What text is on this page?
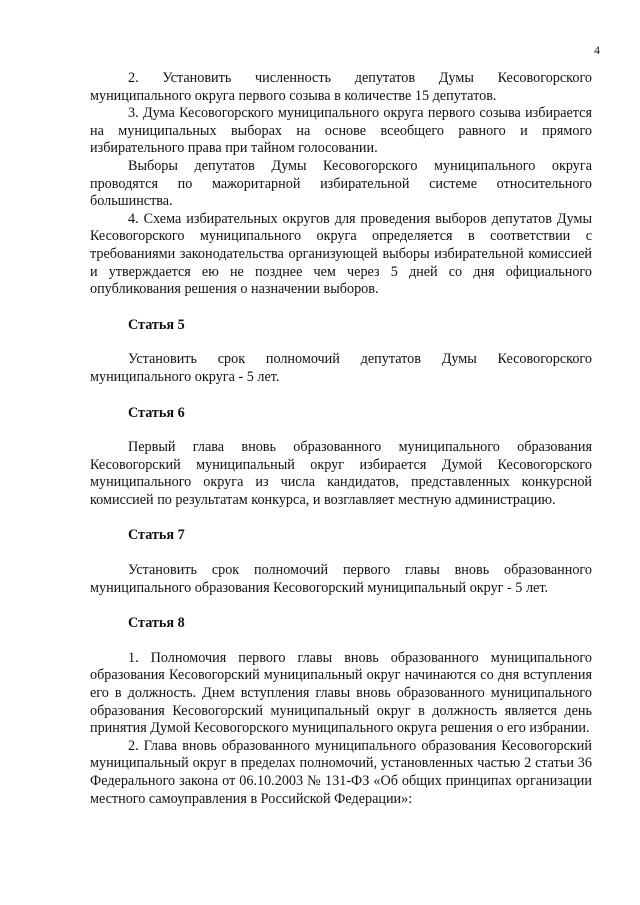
4

2. Установить численность депутатов Думы Кесовогорского муниципального округа первого созыва в количестве 15 депутатов.

3. Дума Кесовогорского муниципального округа первого созыва избирается на муниципальных выборах на основе всеобщего равного и прямого избирательного права при тайном голосовании.

Выборы депутатов Думы Кесовогорского муниципального округа проводятся по мажоритарной избирательной системе относительного большинства.

4. Схема избирательных округов для проведения выборов депутатов Думы Кесовогорского муниципального округа определяется в соответствии с требованиями законодательства организующей выборы избирательной комиссией и утверждается ею не позднее чем через 5 дней со дня официального опубликования решения о назначении выборов.

Статья 5

Установить срок полномочий депутатов Думы Кесовогорского муниципального округа - 5 лет.

Статья 6

Первый глава вновь образованного муниципального образования Кесовогорский муниципальный округ избирается Думой Кесовогорского муниципального округа из числа кандидатов, представленных конкурсной комиссией по результатам конкурса, и возглавляет местную администрацию.

Статья 7

Установить срок полномочий первого главы вновь образованного муниципального образования Кесовогорский муниципальный округ - 5 лет.

Статья 8

1. Полномочия первого главы вновь образованного муниципального образования Кесовогорский муниципальный округ начинаются со дня вступления его в должность. Днем вступления главы вновь образованного муниципального образования Кесовогорский муниципальный округ в должность является день принятия Думой Кесовогорского муниципального округа решения о его избрании.

2. Глава вновь образованного муниципального образования Кесовогорский муниципальный округ в пределах полномочий, установленных частью 2 статьи 36 Федерального закона от 06.10.2003 № 131-ФЗ «Об общих принципах организации местного самоуправления в Российской Федерации»:
